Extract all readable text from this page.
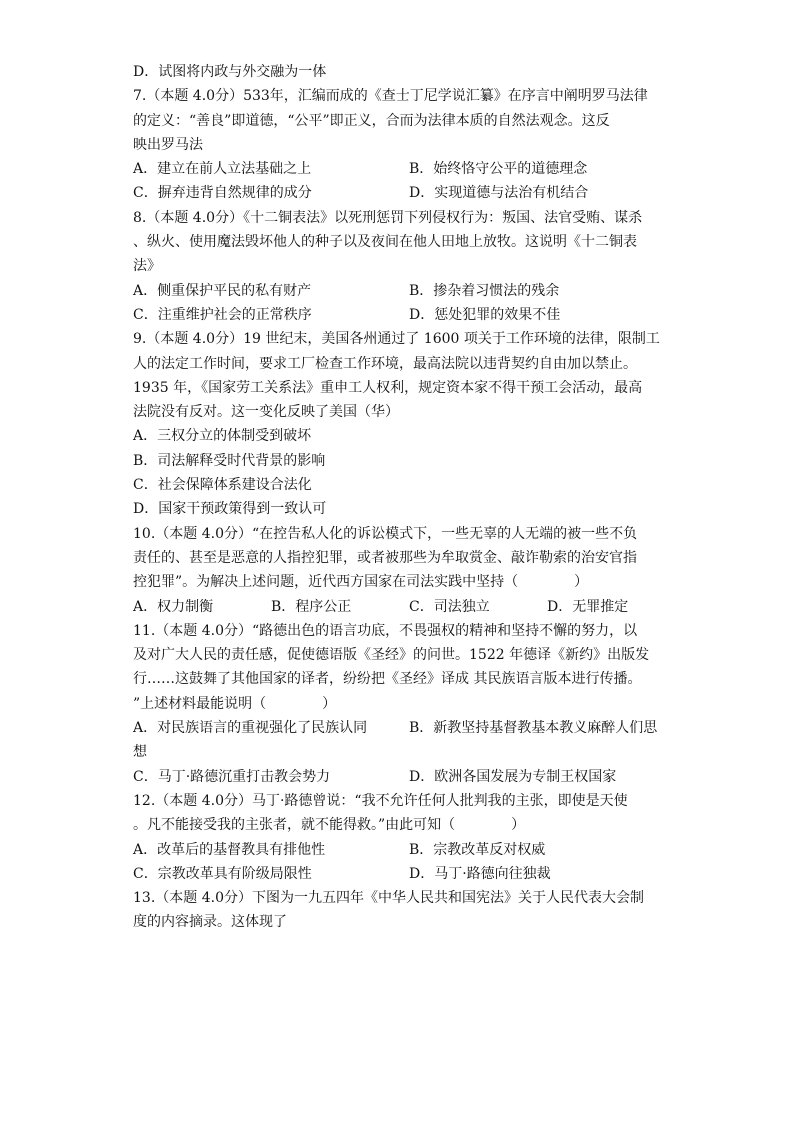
D．试图将内政与外交融为一体
7.（本题 4.0分）533年，汇编而成的《查士丁尼学说汇纂》在序言中阐明罗马法律
的定义：“善良”即道德，“公平”即正义，合而为法律本质的自然法观念。这反
映出罗马法
A．建立在前人立法基础之上	B．始终恪守公平的道德理念
C．摒弃违背自然规律的成分	D．实现道德与法治有机结合
8.（本题 4.0分）《十二铜表法》以死刑惩罚下列侵权行为：叛国、法官受贿、谋杀
、纵火、使用魔法毁坏他人的种子以及夜间在他人田地上放牧。这说明《十二铜表
法》
A．侧重保护平民的私有财产	B．掺杂着习惯法的残余
C．注重维护社会的正常秩序	D．惩处犯罪的效果不佳
9.（本题 4.0分）19 世纪末，美国各州通过了 1600 项关于工作环境的法律，限制工
人的法定工作时间，要求工厂检查工作环境，最高法院以违背契约自由加以禁止。
1935 年，《国家劳工关系法》重申工人权利，规定资本家不得干预工会活动，最高
法院没有反对。这一变化反映了美国（华）
A．三权分立的体制受到破坏
B．司法解释受时代背景的影响
C．社会保障体系建设合法化
D．国家干预政策得到一致认可
10.（本题 4.0分）“在控告私人化的诉讼模式下，一些无辜的人无端的被一些不负
责任的、甚至是恶意的人指控犯罪，或者被那些为牟取赏金、敲诈勒索的治安官指
控犯罪”。为解决上述问题，近代西方国家在司法实践中坚持（	）
A．权力制衡	B．程序公正	C．司法独立	D．无罪推定
11.（本题 4.0分）“路德出色的语言功底，不畏强权的精神和坚持不懈的努力，以
及对广大人民的责任感，促使德语版《圣经》的问世。1522 年德译《新约》出版发
行……这鼓舞了其他国家的译者，纷纷把《圣经》译成 其民族语言版本进行传播。
”上述材料最能说明（	）
A．对民族语言的重视强化了民族认同	B．新教坚持基督教基本教义麻醉人们思
想
C．马丁·路德沉重打击教会势力	D．欧洲各国发展为专制王权国家
12.（本题 4.0分）马丁·路德曾说：“我不允许任何人批判我的主张，即使是天使
。凡不能接受我的主张者，就不能得救。”由此可知（	）
A．改革后的基督教具有排他性	B．宗教改革反对权威
C．宗教改革具有阶级局限性	D．马丁·路德向往独裁
13.（本题 4.0分）下图为一九五四年《中华人民共和国宪法》关于人民代表大会制
度的内容摘录。这体现了
